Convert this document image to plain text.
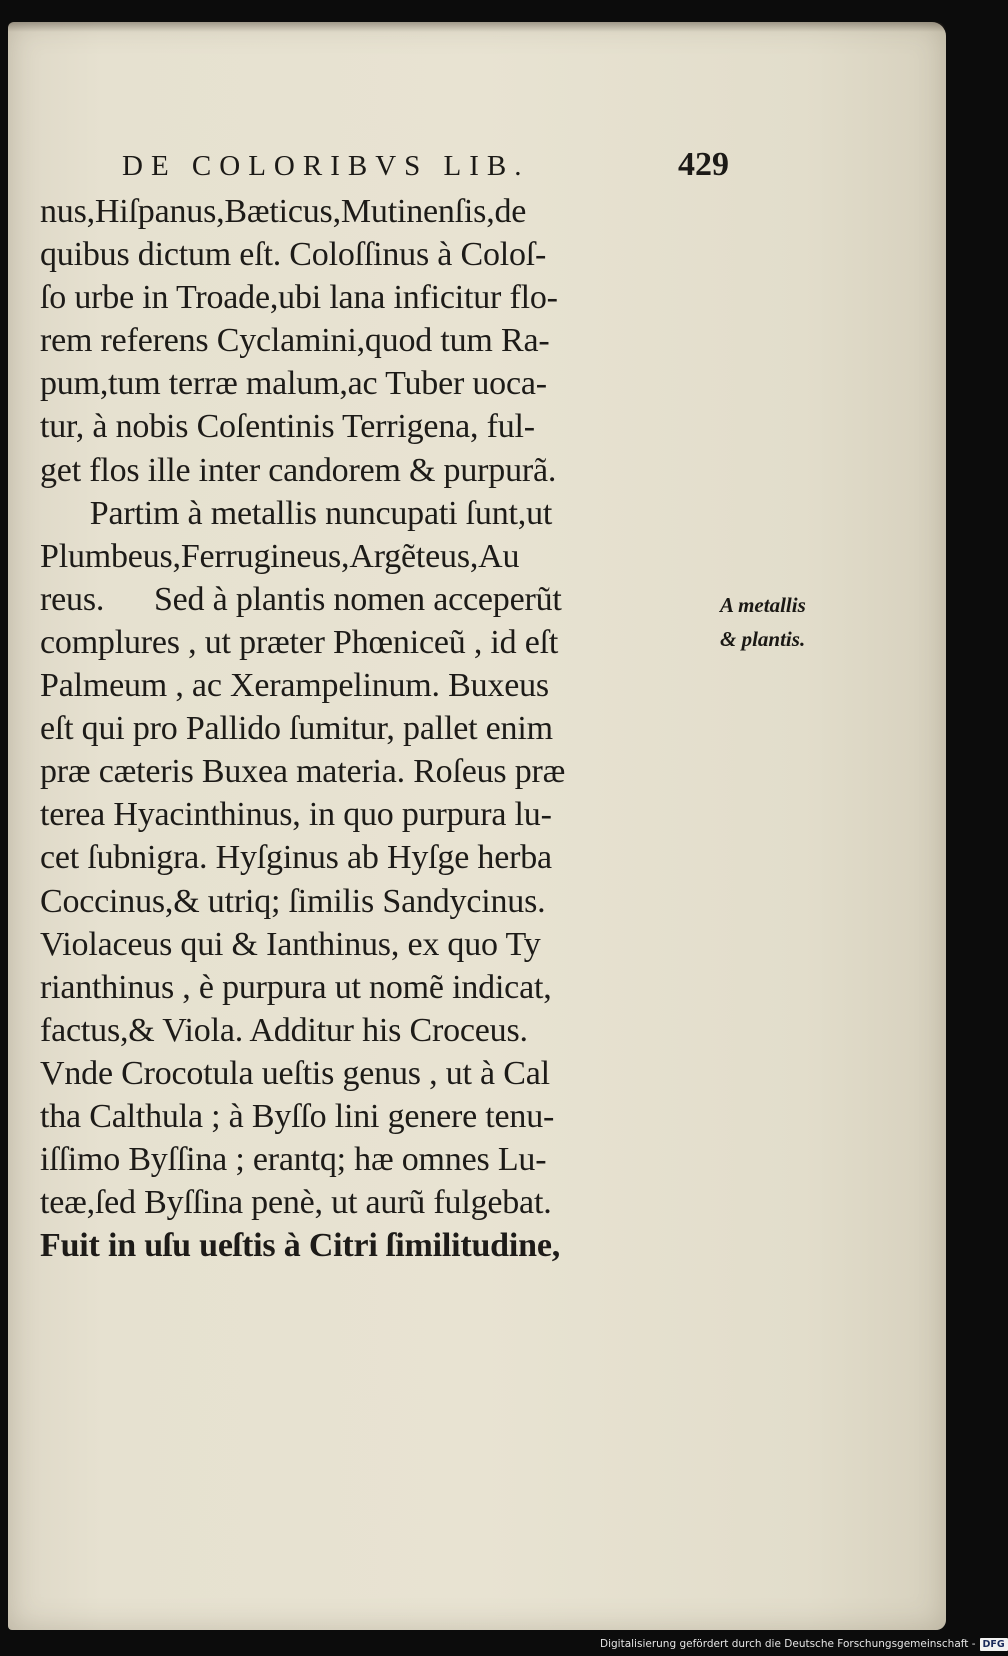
DE COLORIBVS LIB.	429
nus,Hiſpanus,Bæticus,Mutinenſis,de
quibus dictum eſt. Coloſſinus à Coloſ-
ſo urbe in Troade,ubi lana inficitur flo-
rem referens Cyclamini,quod tum Ra-
pum,tum terræ malum,ac Tuber uoca-
tur, à nobis Coſentinis Terrigena, ful-
get flos ille inter candorem & purpurã.
Partim à metallis nuncupati ſunt,ut
Plumbeus,Ferrugineus,Argẽteus,Au
reus.      Sed à plantis nomen acceperũt
complures , ut præter Phœniceũ , id eſt
Palmeum , ac Xerampelinum. Buxeus
eſt qui pro Pallido ſumitur, pallet enim
præ cæteris Buxea materia. Roſeus præ
terea Hyacinthinus, in quo purpura lu-
cet ſubnigra. Hyſginus ab Hyſge herba
Coccinus,& utriq; ſimilis Sandycinus.
Violaceus qui & Ianthinus, ex quo Ty
rianthinus , è purpura ut nomẽ indicat,
factus,& Viola. Additur his Croceus.
Vnde Crocotula ueſtis genus , ut à Cal
tha Calthula ; à Byſſo lini genere tenu-
iſſimo Byſſina ; erantq; hæ omnes Lu-
teæ,ſed Byſſina penè, ut aurũ fulgebat.
Fuit in uſu ueſtis à Citri ſimilitudine,
A metallis
& plantis.
Digitalisierung gefördert durch die Deutsche Forschungsgemeinschaft - DFG
